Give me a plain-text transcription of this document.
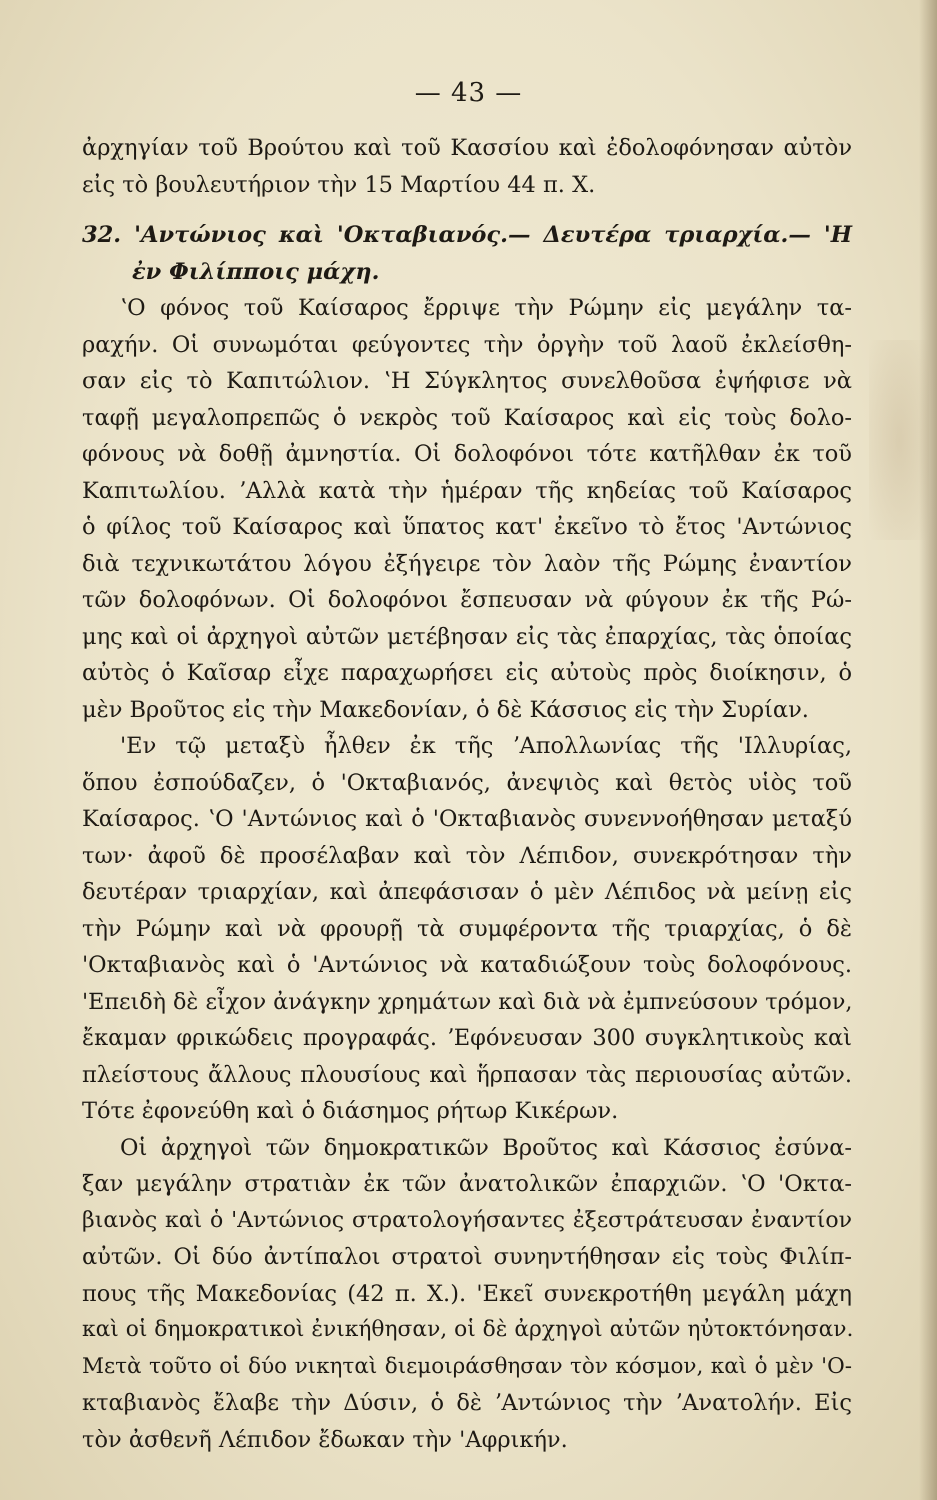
— 43 —
ἀρχηγίαν τοῦ Βρούτου καὶ τοῦ Κασσίου καὶ ἐδολοφόνησαν αὐτὸν
εἰς τὸ βουλευτήριον τὴν 15 Μαρτίου 44 π. Χ.
32. 'Αντώνιος καὶ 'Οκταβιανός.— Δευτέρα τριαρχία.— 'Η
ἐν Φιλίπποις μάχη.
ʽΟ φόνος τοῦ Καίσαρος ἔρριψε τὴν Ρώμην εἰς μεγάλην τα-
ραχήν. Οἱ συνωμόται φεύγοντες τὴν ὀργὴν τοῦ λαοῦ ἐκλείσθη-
σαν εἰς τὸ Καπιτώλιον. ʽΗ Σύγκλητος συνελθοῦσα ἐψήφισε νὰ
ταφῇ μεγαλοπρεπῶς ὁ νεκρὸς τοῦ Καίσαρος καὶ εἰς τοὺς δολο-
φόνους νὰ δοθῇ ἀμνηστία. Οἱ δολοφόνοι τότε κατῆλθαν ἐκ τοῦ
Καπιτωλίου. ʼΑλλὰ κατὰ τὴν ἡμέραν τῆς κηδείας τοῦ Καίσαρος
ὁ φίλος τοῦ Καίσαρος καὶ ὕπατος κατ' ἐκεῖνο τὸ ἔτος 'Αντώνιος
διὰ τεχνικωτάτου λόγου ἐξήγειρε τὸν λαὸν τῆς Ρώμης ἐναντίον
τῶν δολοφόνων. Οἱ δολοφόνοι ἔσπευσαν νὰ φύγουν ἐκ τῆς Ρώ-
μης καὶ οἱ ἀρχηγοὶ αὐτῶν μετέβησαν εἰς τὰς ἐπαρχίας, τὰς ὁποίας
αὐτὸς ὁ Καῖσαρ εἶχε παραχωρήσει εἰς αὐτοὺς πρὸς διοίκησιν, ὁ
μὲν Βροῦτος εἰς τὴν Μακεδονίαν, ὁ δὲ Κάσσιος εἰς τὴν Συρίαν.
'Εν τῷ μεταξὺ ἦλθεν ἐκ τῆς ʼΑπολλωνίας τῆς 'Ιλλυρίας,
ὅπου ἐσπούδαζεν, ὁ 'Οκταβιανός, ἀνεψιὸς καὶ θετὸς υἱὸς τοῦ
Καίσαρος. ʽΟ 'Αντώνιος καὶ ὁ 'Οκταβιανὸς συνεννοήθησαν μεταξύ
των· ἀφοῦ δὲ προσέλαβαν καὶ τὸν Λέπιδον, συνεκρότησαν τὴν
δευτέραν τριαρχίαν, καὶ ἀπεφάσισαν ὁ μὲν Λέπιδος νὰ μείνῃ εἰς
τὴν Ρώμην καὶ νὰ φρουρῇ τὰ συμφέροντα τῆς τριαρχίας, ὁ δὲ
'Οκταβιανὸς καὶ ὁ 'Αντώνιος νὰ καταδιώξουν τοὺς δολοφόνους.
'Επειδὴ δὲ εἶχον ἀνάγκην χρημάτων καὶ διὰ νὰ ἐμπνεύσουν τρόμον,
ἔκαμαν φρικώδεις προγραφάς. ʼΕφόνευσαν 300 συγκλητικοὺς καὶ
πλείστους ἄλλους πλουσίους καὶ ἥρπασαν τὰς περιουσίας αὐτῶν.
Τότε ἐφονεύθη καὶ ὁ διάσημος ρήτωρ Κικέρων.
Οἱ ἀρχηγοὶ τῶν δημοκρατικῶν Βροῦτος καὶ Κάσσιος ἐσύνα-
ξαν μεγάλην στρατιὰν ἐκ τῶν ἀνατολικῶν ἐπαρχιῶν. ʽΟ 'Οκτα-
βιανὸς καὶ ὁ 'Αντώνιος στρατολογήσαντες ἐξεστράτευσαν ἐναντίον
αὐτῶν. Οἱ δύο ἀντίπαλοι στρατοὶ συνηντήθησαν εἰς τοὺς Φιλίπ-
πους τῆς Μακεδονίας (42 π. Χ.). 'Εκεῖ συνεκροτήθη μεγάλη μάχη
καὶ οἱ δημοκρατικοὶ ἐνικήθησαν, οἱ δὲ ἀρχηγοὶ αὐτῶν ηὐτοκτόνησαν.
Μετὰ τοῦτο οἱ δύο νικηταὶ διεμοιράσθησαν τὸν κόσμον, καὶ ὁ μὲν 'Ο-
κταβιανὸς ἔλαβε τὴν Δύσιν, ὁ δὲ ʼΑντώνιος τὴν ʼΑνατολήν. Εἰς
τὸν ἀσθενῆ Λέπιδον ἔδωκαν τὴν 'Αφρικήν.
